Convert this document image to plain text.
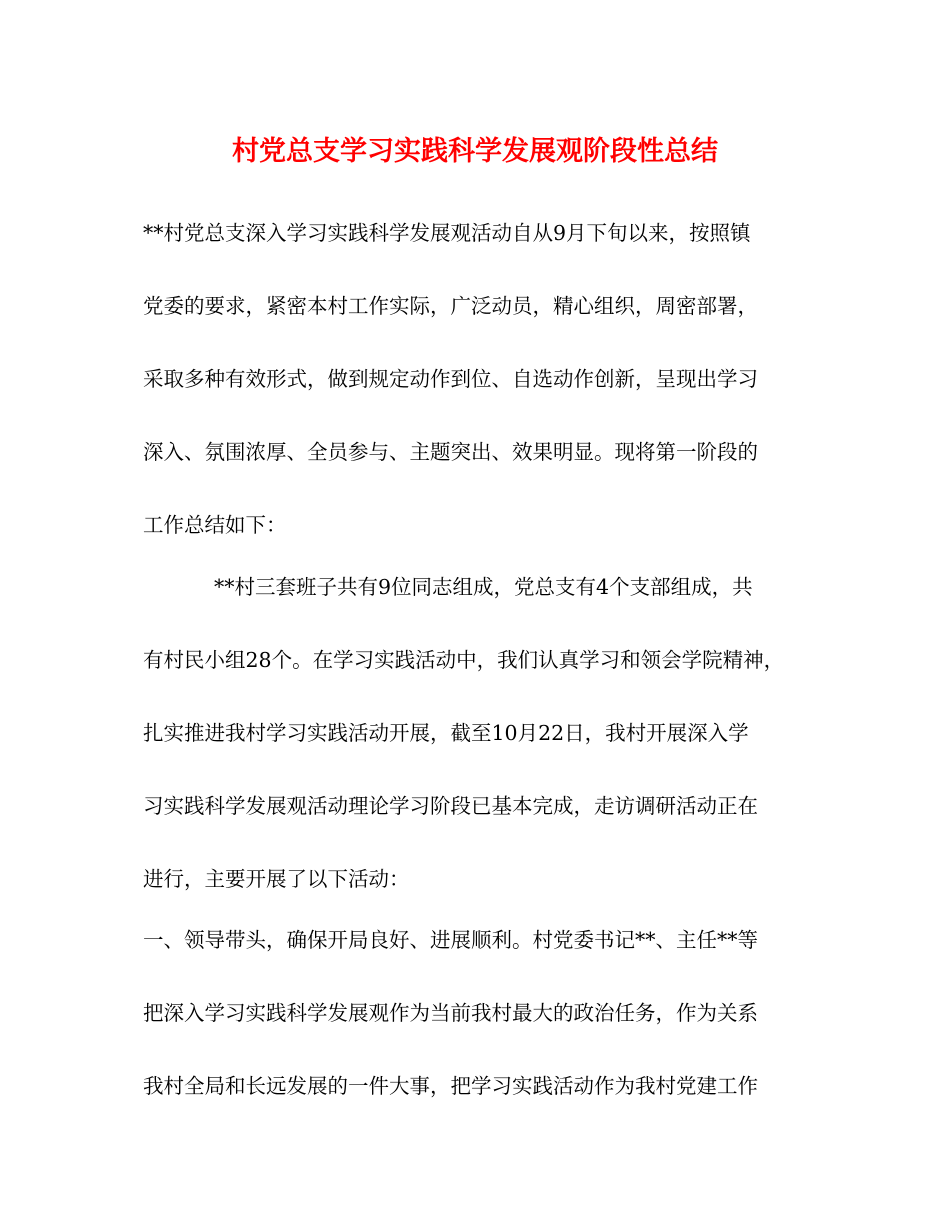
村党总支学习实践科学发展观阶段性总结

**村党总支深入学习实践科学发展观活动自从9月下旬以来，按照镇

党委的要求，紧密本村工作实际，广泛动员，精心组织，周密部署，

采取多种有效形式，做到规定动作到位、自选动作创新，呈现出学习

深入、氛围浓厚、全员参与、主题突出、效果明显。现将第一阶段的

工作总结如下：

**村三套班子共有9位同志组成，党总支有4个支部组成，共

有村民小组28个。在学习实践活动中，我们认真学习和领会学院精神，

扎实推进我村学习实践活动开展，截至10月22日，我村开展深入学

习实践科学发展观活动理论学习阶段已基本完成，走访调研活动正在

进行，主要开展了以下活动：

一、领导带头，确保开局良好、进展顺利。村党委书记**、主任**等

把深入学习实践科学发展观作为当前我村最大的政治任务，作为关系

我村全局和长远发展的一件大事，把学习实践活动作为我村党建工作
